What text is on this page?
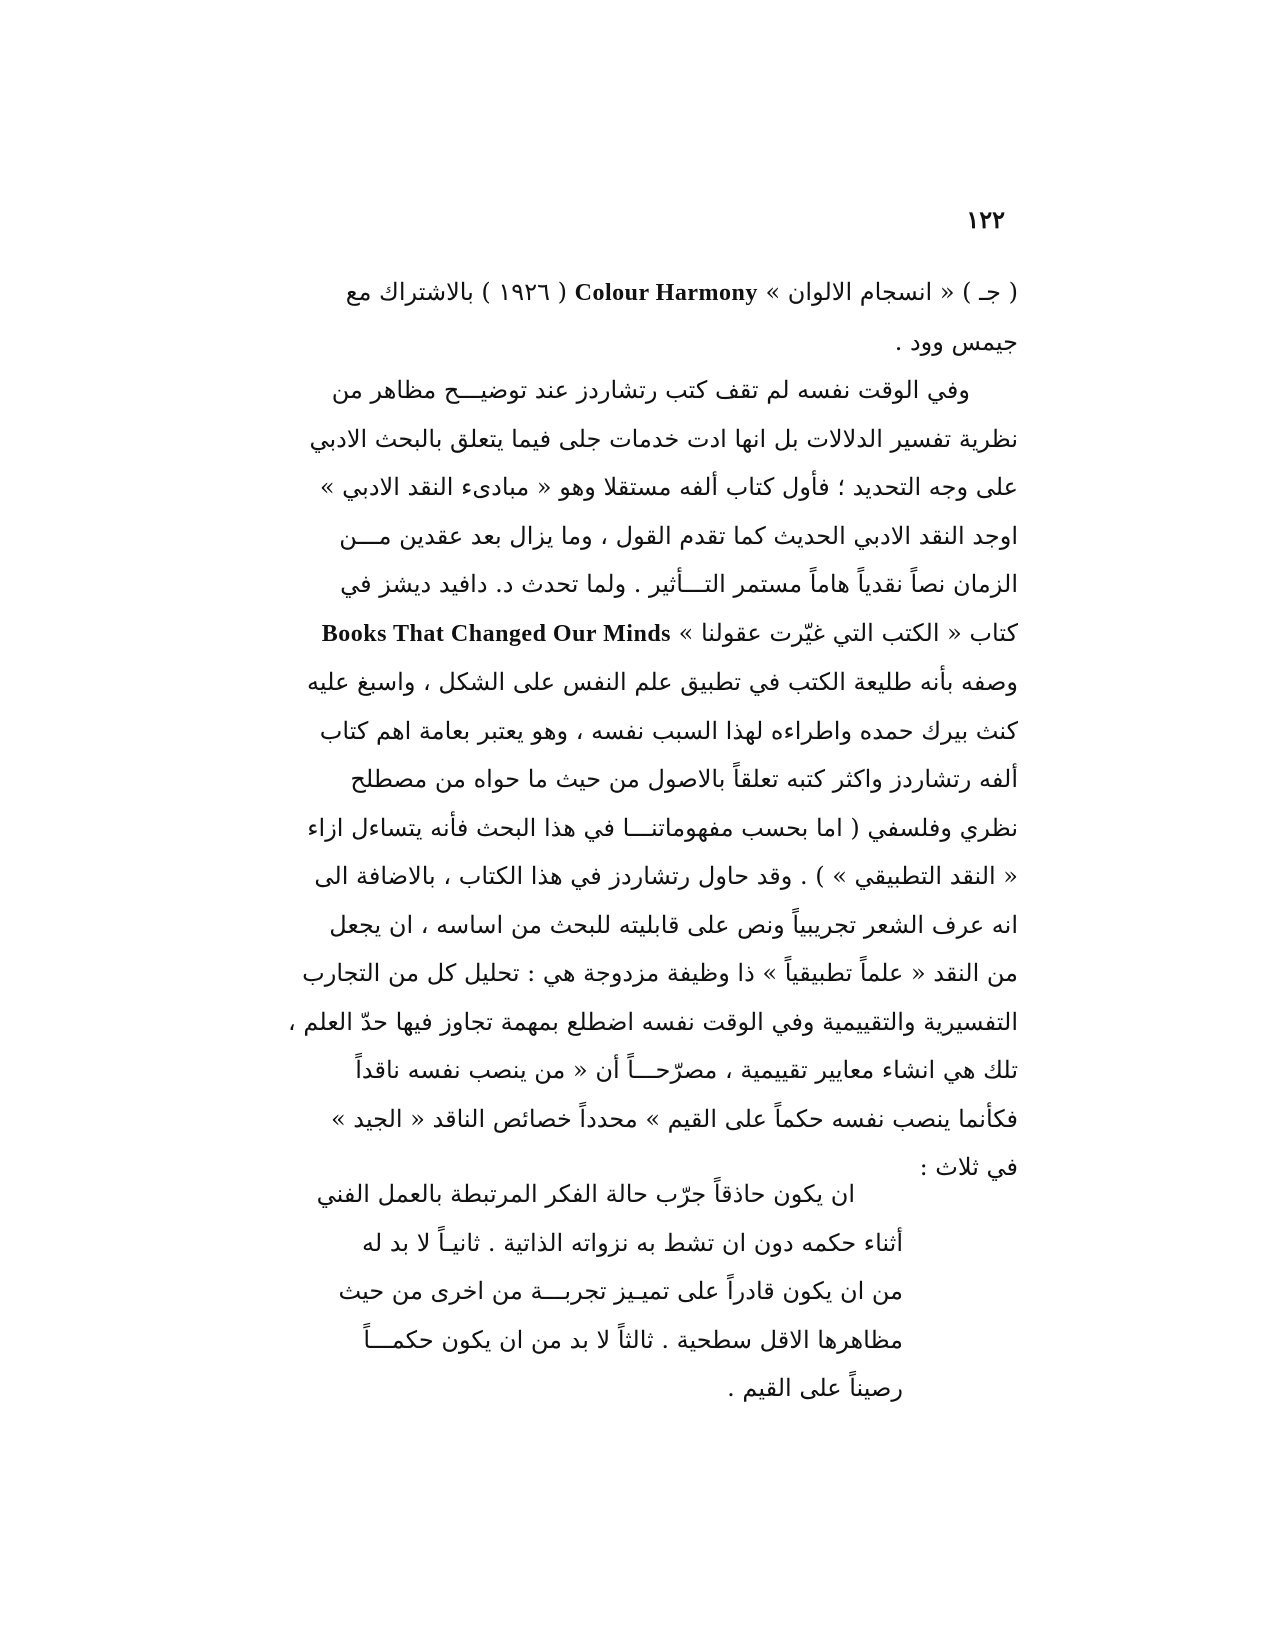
١٢٢
( جـ ) « انسجام الالوان » Colour Harmony ( ١٩٢٦ ) بالاشتراك مع
جيمس وود .
وفي الوقت نفسه لم تقف كتب رتشاردز عند توضيـــح مظاهر من
نظرية تفسير الدلالات بل انها ادت خدمات جلى فيما يتعلق بالبحث الادبي
على وجه التحديد ؛ فأول كتاب ألفه مستقلا وهو « مبادىء النقد الادبي »
اوجد النقد الادبي الحديث كما تقدم القول ، وما يزال بعد عقدين مـــن
الزمان نصاً نقدياً هاماً مستمر التـــأثير . ولما تحدث د. دافيد ديشز في
كتاب « الكتب التي غيّرت عقولنا » Books That Changed Our Minds
وصفه بأنه طليعة الكتب في تطبيق علم النفس على الشكل ، واسبغ عليه
كنث بيرك حمده واطراءه لهذا السبب نفسه ، وهو يعتبر بعامة اهم كتاب
ألفه رتشاردز واكثر كتبه تعلقاً بالاصول من حيث ما حواه من مصطلح
نظري وفلسفي ( اما بحسب مفهوماتنـــا في هذا البحث فأنه يتساءل ازاء
« النقد التطبيقي » ) . وقد حاول رتشاردز في هذا الكتاب ، بالاضافة الى
انه عرف الشعر تجريبياً ونص على قابليته للبحث من اساسه ، ان يجعل
من النقد « علماً تطبيقياً » ذا وظيفة مزدوجة هي : تحليل كل من التجارب
التفسيرية والتقييمية وفي الوقت نفسه اضطلع بمهمة تجاوز فيها حدّ العلم ،
تلك هي انشاء معايير تقييمية ، مصرّحـــاً أن « من ينصب نفسه ناقداً
فكأنما ينصب نفسه حكماً على القيم » محدداً خصائص الناقد « الجيد »
في ثلاث :
ان يكون حاذقاً جرّب حالة الفكر المرتبطة بالعمل الفني
أثناء حكمه دون ان تشط به نزواته الذاتية . ثانيـاً لا بد له
من ان يكون قادراً على تميـيز تجربـــة من اخرى من حيث
مظاهرها الاقل سطحية . ثالثاً لا بد من ان يكون حكمـــاً
رصيناً على القيم .
